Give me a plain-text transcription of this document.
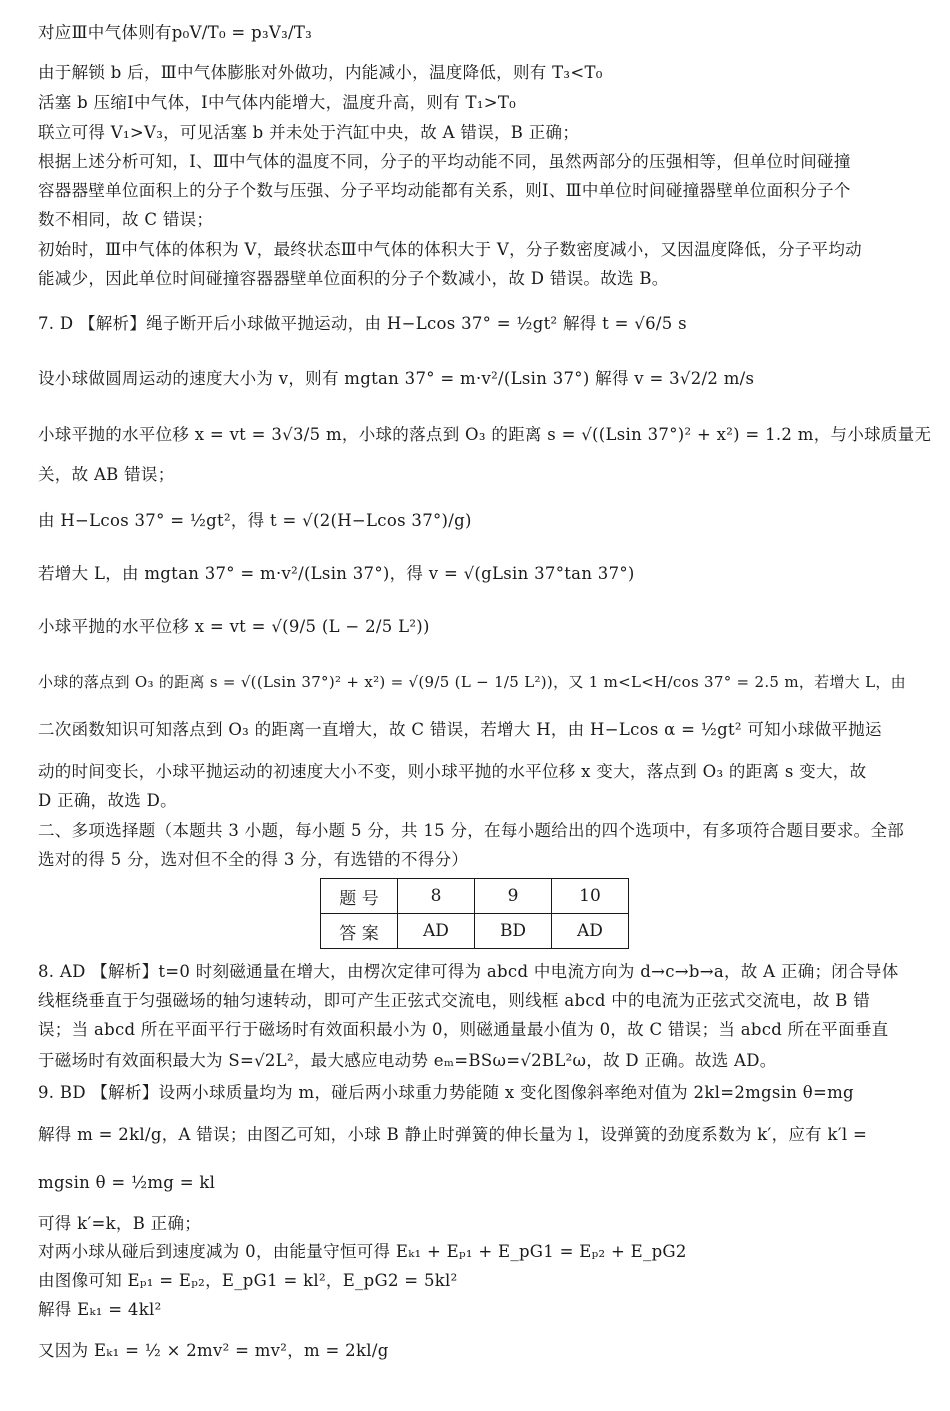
对应Ⅲ中气体则有p₀V/T₀ = p₃V₃/T₃
由于解锁 b 后，Ⅲ中气体膨胀对外做功，内能减小，温度降低，则有 T₃<T₀
活塞 b 压缩Ⅰ中气体，Ⅰ中气体内能增大，温度升高，则有 T₁>T₀
联立可得 V₁>V₃，可见活塞 b 并未处于汽缸中央，故 A 错误，B 正确；
根据上述分析可知，Ⅰ、Ⅲ中气体的温度不同，分子的平均动能不同，虽然两部分的压强相等，但单位时间碰撞
容器器壁单位面积上的分子个数与压强、分子平均动能都有关系，则Ⅰ、Ⅲ中单位时间碰撞器壁单位面积分子个
数不相同，故 C 错误；
初始时，Ⅲ中气体的体积为 V，最终状态Ⅲ中气体的体积大于 V，分子数密度减小，又因温度降低，分子平均动
能减少，因此单位时间碰撞容器器壁单位面积的分子个数减小，故 D 错误。故选 B。
7. D 【解析】绳子断开后小球做平抛运动，由 H−Lcos 37° = ½gt² 解得 t = √6/5 s
设小球做圆周运动的速度大小为 v，则有 mgtan 37° = m·v²/(Lsin 37°) 解得 v = 3√2/2 m/s
小球平抛的水平位移 x = vt = 3√3/5 m，小球的落点到 O₃ 的距离 s = √((Lsin 37°)² + x²) = 1.2 m，与小球质量无
关，故 AB 错误；
由 H−Lcos 37° = ½gt²，得 t = √(2(H−Lcos 37°)/g)
若增大 L，由 mgtan 37° = m·v²/(Lsin 37°)，得 v = √(gLsin 37°tan 37°)
小球平抛的水平位移 x = vt = √(9/5 (L − 2/5 L²))
小球的落点到 O₃ 的距离 s = √((Lsin 37°)² + x²) = √(9/5 (L − 1/5 L²))，又 1 m<L<H/cos 37° = 2.5 m，若增大 L，由
二次函数知识可知落点到 O₃ 的距离一直增大，故 C 错误，若增大 H，由 H−Lcos α = ½gt² 可知小球做平抛运
动的时间变长，小球平抛运动的初速度大小不变，则小球平抛的水平位移 x 变大，落点到 O₃ 的距离 s 变大，故
D 正确，故选 D。
二、多项选择题（本题共 3 小题，每小题 5 分，共 15 分，在每小题给出的四个选项中，有多项符合题目要求。全部
选对的得 5 分，选对但不全的得 3 分，有选错的不得分）
8. AD 【解析】t=0 时刻磁通量在增大，由楞次定律可得为 abcd 中电流方向为 d→c→b→a，故 A 正确；闭合导体
线框绕垂直于匀强磁场的轴匀速转动，即可产生正弦式交流电，则线框 abcd 中的电流为正弦式交流电，故 B 错
误；当 abcd 所在平面平行于磁场时有效面积最小为 0，则磁通量最小值为 0，故 C 错误；当 abcd 所在平面垂直
于磁场时有效面积最大为 S=√2L²，最大感应电动势 eₘ=BSω=√2BL²ω，故 D 正确。故选 AD。
9. BD 【解析】设两小球质量均为 m，碰后两小球重力势能随 x 变化图像斜率绝对值为 2kl=2mgsin θ=mg
解得 m = 2kl/g，A 错误；由图乙可知，小球 B 静止时弹簧的伸长量为 l，设弹簧的劲度系数为 k′，应有 k′l =
mgsin θ = ½mg = kl
可得 k′=k，B 正确；
对两小球从碰后到速度减为 0，由能量守恒可得 Eₖ₁ + Eₚ₁ + E_pG1 = Eₚ₂ + E_pG2
由图像可知 Eₚ₁ = Eₚ₂，E_pG1 = kl²，E_pG2 = 5kl²
解得 Eₖ₁ = 4kl²
又因为 Eₖ₁ = ½ × 2mv² = mv²，m = 2kl/g
题 号	8	9	10
答 案	AD	BD	AD
